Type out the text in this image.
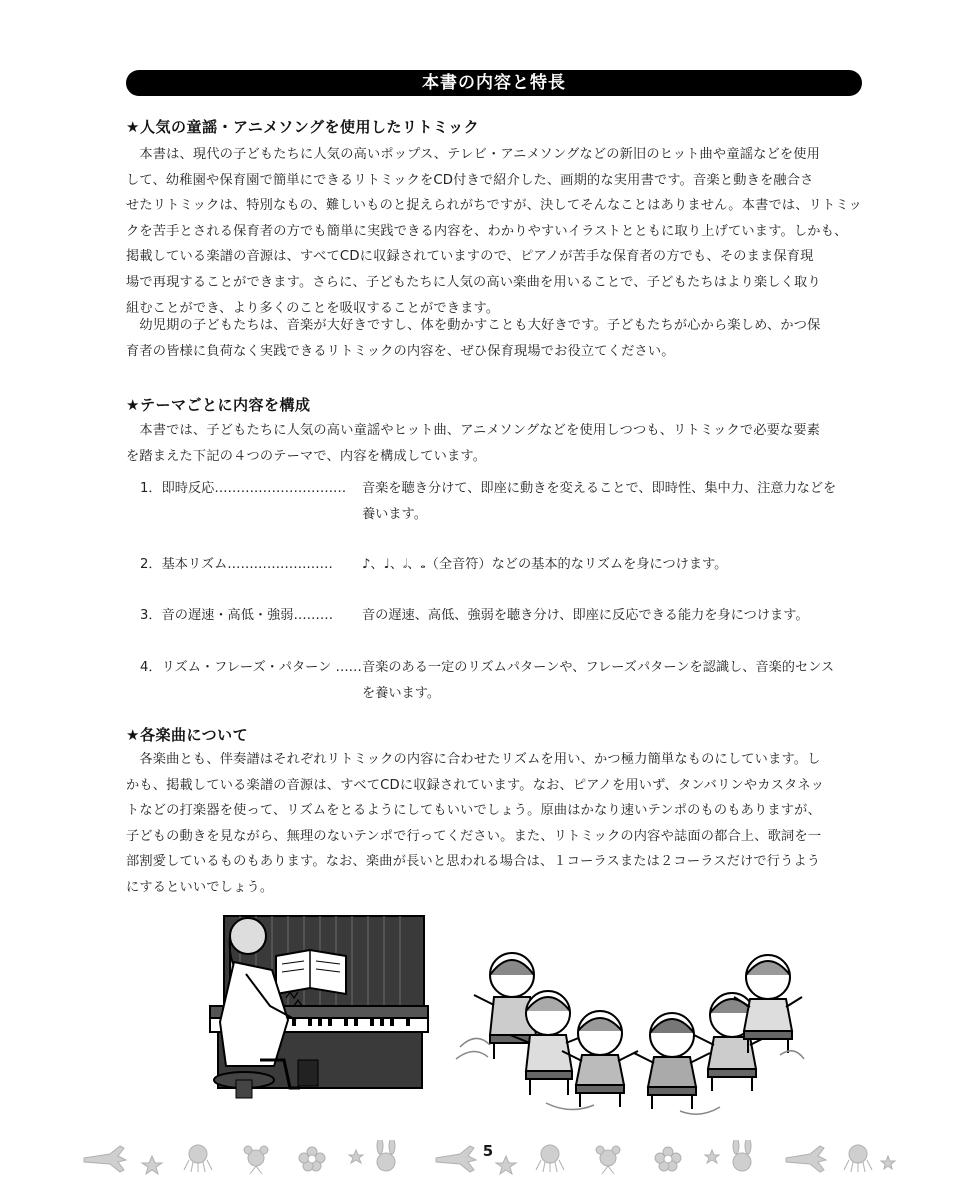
本書の内容と特長
★人気の童謡・アニメソングを使用したリトミック
　本書は、現代の子どもたちに人気の高いポップス、テレビ・アニメソングなどの新旧のヒット曲や童謡などを使用
して、幼稚園や保育園で簡単にできるリトミックをCD付きで紹介した、画期的な実用書です。音楽と動きを融合さ
せたリトミックは、特別なもの、難しいものと捉えられがちですが、決してそんなことはありません。本書では、リトミッ
クを苦手とされる保育者の方でも簡単に実践できる内容を、わかりやすいイラストとともに取り上げています。しかも、
掲載している楽譜の音源は、すべてCDに収録されていますので、ピアノが苦手な保育者の方でも、そのまま保育現
場で再現することができます。さらに、子どもたちに人気の高い楽曲を用いることで、子どもたちはより楽しく取り
組むことができ、より多くのことを吸収することができます。
　幼児期の子どもたちは、音楽が大好きですし、体を動かすことも大好きです。子どもたちが心から楽しめ、かつ保
育者の皆様に負荷なく実践できるリトミックの内容を、ぜひ保育現場でお役立てください。
★テーマごとに内容を構成
　本書では、子どもたちに人気の高い童謡やヒット曲、アニメソングなどを使用しつつも、リトミックで必要な要素
を踏まえた下記の４つのテーマで、内容を構成しています。
1．即時反応………………………… 音楽を聴き分けて、即座に動きを変えることで、即時性、集中力、注意力などを
養います。
2．基本リズム…………………… ♪、♩、𝅗𝅥、𝅝（全音符）などの基本的なリズムを身につけます。
3．音の遅速・高低・強弱……… 音の遅速、高低、強弱を聴き分け、即座に反応できる能力を身につけます。
4．リズム・フレーズ・パターン …… 音楽のある一定のリズムパターンや、フレーズパターンを認識し、音楽的センス
を養います。
★各楽曲について
　各楽曲とも、伴奏譜はそれぞれリトミックの内容に合わせたリズムを用い、かつ極力簡単なものにしています。し
かも、掲載している楽譜の音源は、すべてCDに収録されています。なお、ピアノを用いず、タンバリンやカスタネッ
トなどの打楽器を使って、リズムをとるようにしてもいいでしょう。原曲はかなり速いテンポのものもありますが、
子どもの動きを見ながら、無理のないテンポで行ってください。また、リトミックの内容や誌面の都合上、歌詞を一
部割愛しているものもあります。なお、楽曲が長いと思われる場合は、１コーラスまたは２コーラスだけで行うよう
にするといいでしょう。
5
